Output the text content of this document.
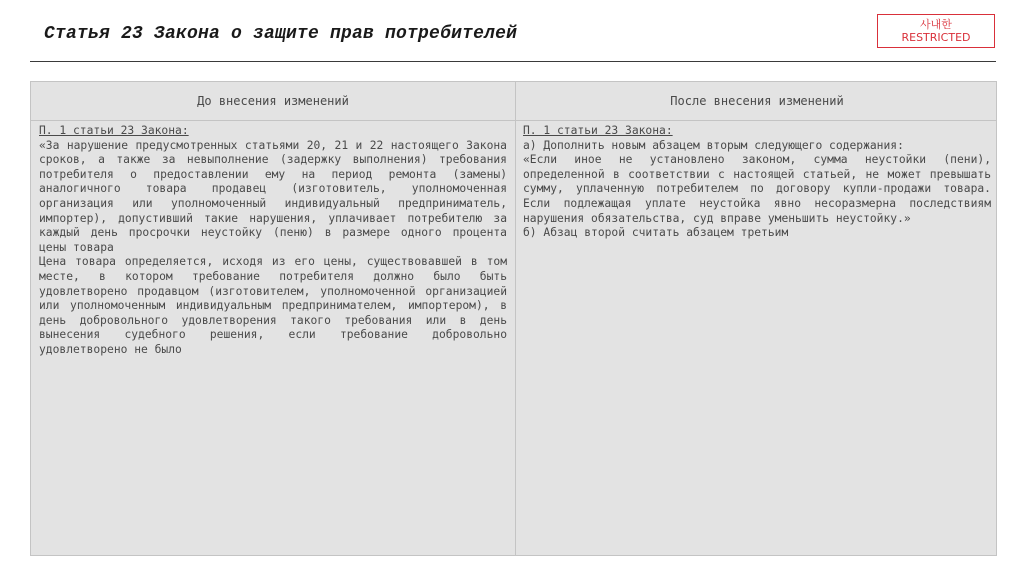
Статья 23 Закона о защите прав потребителей	사내한
RESTRICTED
До внесения изменений	После внесения изменений

П. 1 статьи 23 Закона:

«За нарушение предусмотренных статьями 20, 21 и 22 настоящего Закона сроков, а также за невыполнение (задержку выполнения) требования потребителя о предоставлении ему на период ремонта (замены) аналогичного товара продавец (изготовитель, уполномоченная организация или уполномоченный индивидуальный предприниматель, импортер), допустивший такие нарушения, уплачивает потребителю за каждый день просрочки неустойку (пеню) в размере одного процента цены товара

Цена товара определяется, исходя из его цены, существовавшей в том месте, в котором требование потребителя должно было быть удовлетворено продавцом (изготовителем, уполномоченной организацией или уполномоченным индивидуальным предпринимателем, импортером), в день добровольного удовлетворения такого требования или в день вынесения судебного решения, если требование добровольно удовлетворено не было

П. 1 статьи 23 Закона:

а) Дополнить новым абзацем вторым следующего содержания:

«Если иное не установлено законом, сумма неустойки (пени), определенной в соответствии с настоящей статьей, не может превышать сумму, уплаченную потребителем по договору купли-продажи товара. Если подлежащая уплате неустойка явно несоразмерна последствиям нарушения обязательства, суд вправе уменьшить неустойку.»

б) Абзац второй считать абзацем третьим
